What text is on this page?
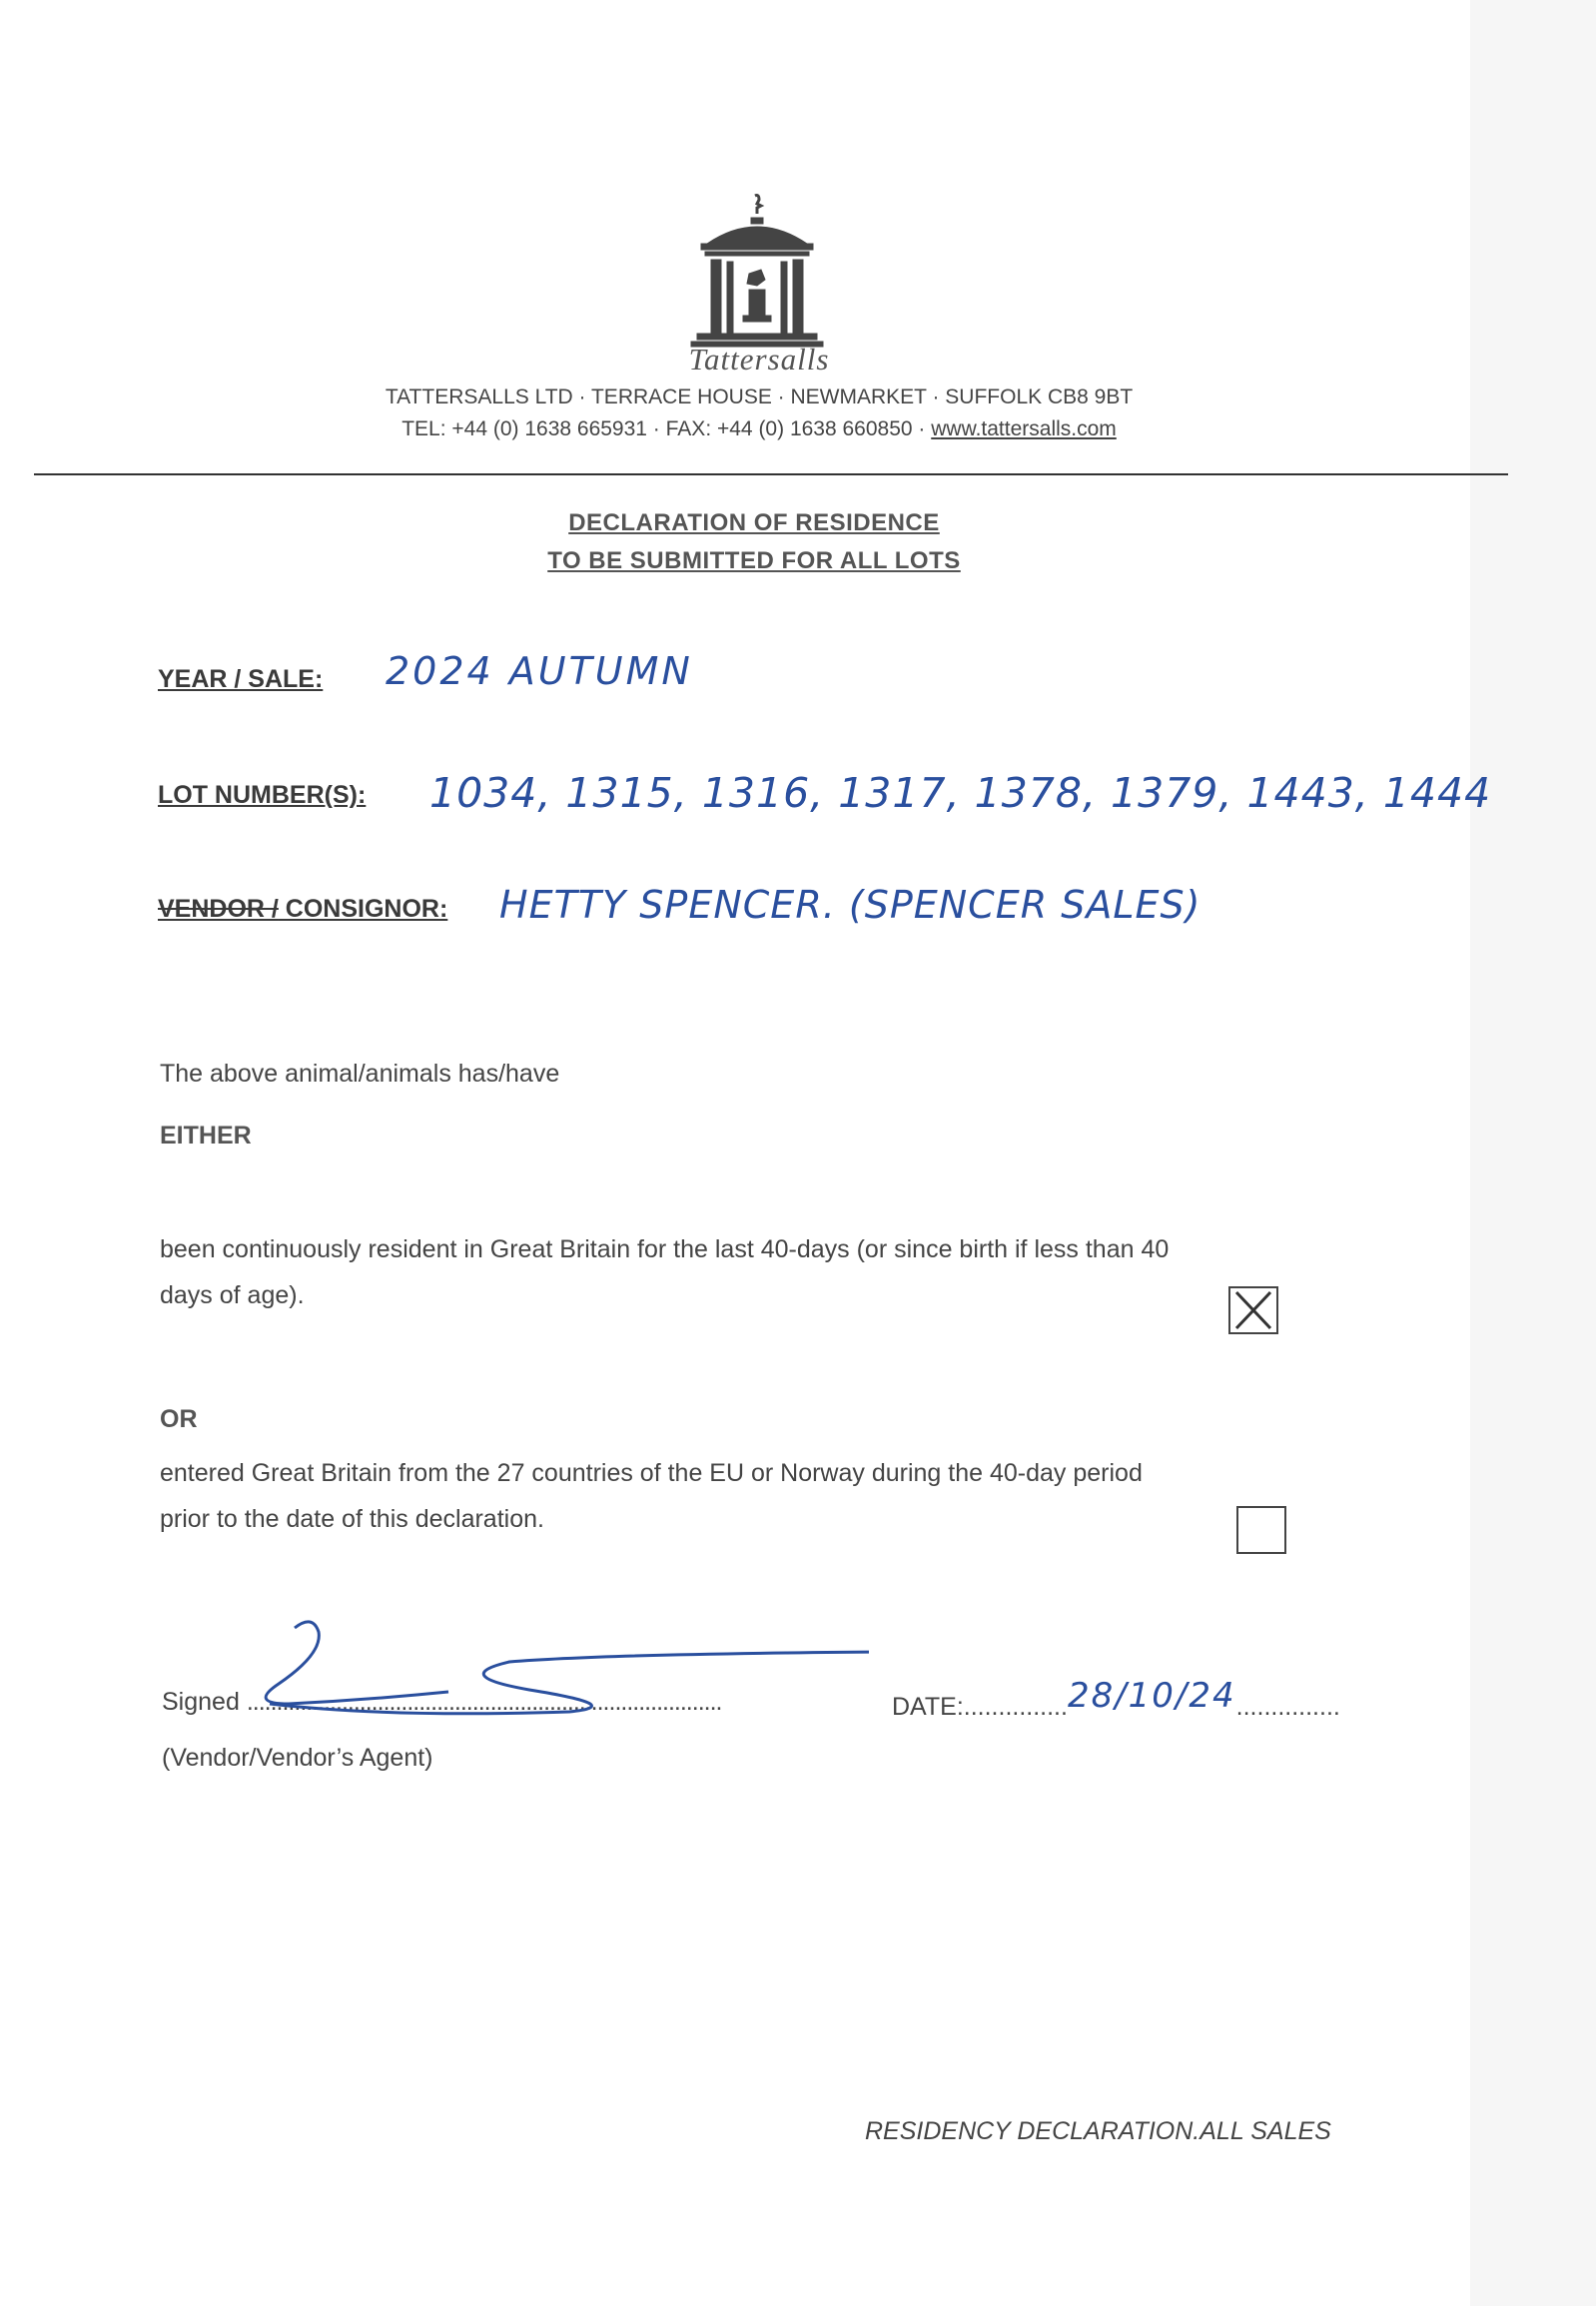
Tattersalls
TATTERSALLS LTD · TERRACE HOUSE · NEWMARKET · SUFFOLK CB8 9BT
TEL: +44 (0) 1638 665931 · FAX: +44 (0) 1638 660850 · www.tattersalls.com
DECLARATION OF RESIDENCE
TO BE SUBMITTED FOR ALL LOTS
YEAR / SALE: 2024 AUTUMN
LOT NUMBER(S): 1034, 1315, 1316, 1317, 1378, 1379, 1443, 1444
VENDOR / CONSIGNOR: HETTY SPENCER. (SPENCER SALES)
The above animal/animals has/have
EITHER
been continuously resident in Great Britain for the last 40-days (or since birth if less than 40
days of age).
OR
entered Great Britain from the 27 countries of the EU or Norway during the 40-day period
prior to the date of this declaration.
Signed ................................................................................	DATE:...............28/10/24...............
(Vendor/Vendor’s Agent)
RESIDENCY DECLARATION.ALL SALES
